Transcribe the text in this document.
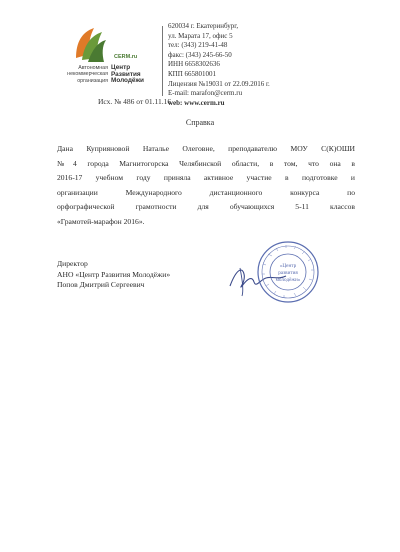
CERM.ru
Автономная
некоммерческая
организация
Центр
Развития
Молодёжи
620034 г. Екатеринбург,
ул. Марата 17, офис 5
тел: (343) 219-41-48
факс: (343) 245-66-50
ИНН 6658302636
КПП 665801001
Лицензия №19031 от 22.09.2016 г.
E-mail: marafon@cerm.ru
web: www.cerm.ru
Исх. № 486 от 01.11.16
Справка
Дана Куприяновой Наталье Олеговне, преподавателю МОУ С(К)ОШИ
№4 города Магнитогорска Челябинской области, в том, что она в
2016-17 учебном году приняла активное участие в подготовке и
организации Международного дистанционного конкурса по
орфографической грамотности для обучающихся 5-11 классов
«Грамотей-марафон 2016».
Директор
АНО «Центр Развития Молодёжи»
Попов Дмитрий Сергеевич
«Центр
развития
молодёжи»
